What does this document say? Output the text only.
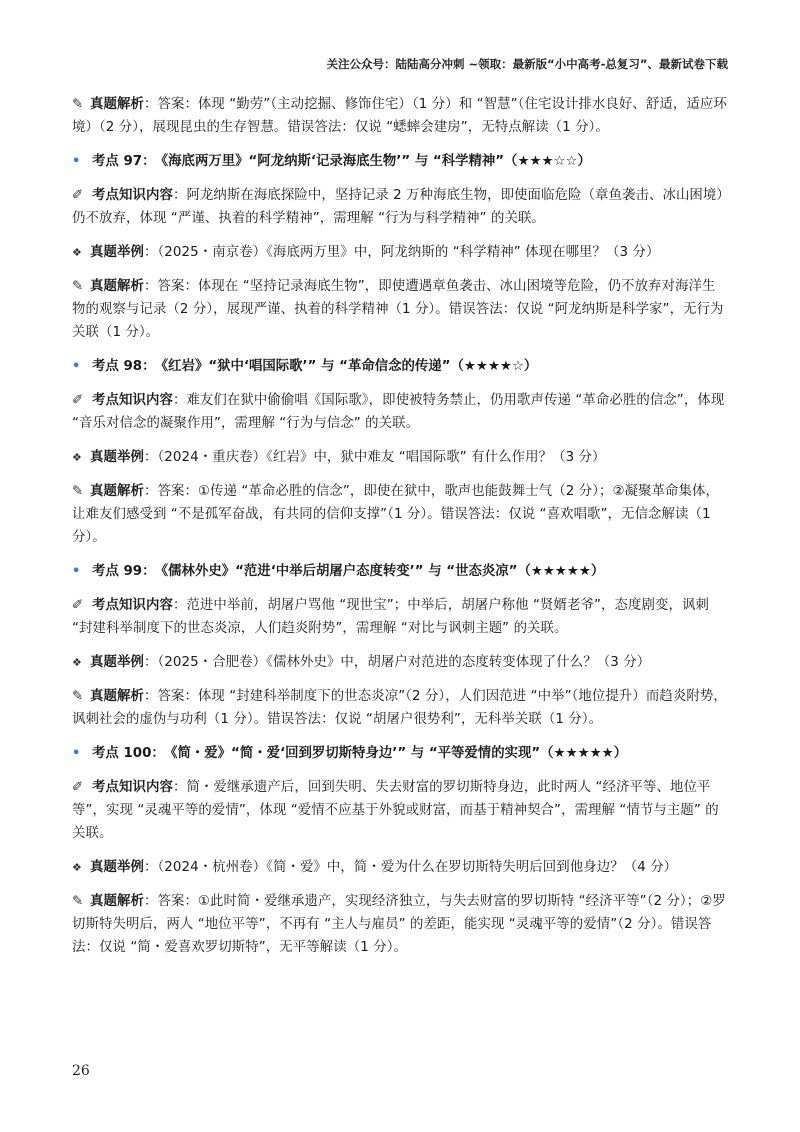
关注公众号：陆陆高分冲刺 ~领取：最新版“小中高考-总复习”、最新试卷下载

✎ 真题解析：答案：体现 “勤劳”（主动挖掘、修饰住宅）（1 分）和 “智慧”（住宅设计排水良好、舒适，适应环境）（2 分），展现昆虫的生存智慧。错误答法：仅说 “蟋蟀会建房”，无特点解读（1 分）。

• 考点 97： 《海底两万里》“阿龙纳斯‘记录海底生物’” 与 “科学精神”（★★★☆☆）

✐ 考点知识内容：阿龙纳斯在海底探险中，坚持记录 2 万种海底生物，即使面临危险（章鱼袭击、冰山困境）仍不放弃，体现 “严谨、执着的科学精神”，需理解 “行为与科学精神” 的关联。

❖ 真题举例：（2025・南京卷）《海底两万里》中，阿龙纳斯的 “科学精神” 体现在哪里？（3 分）

✎ 真题解析：答案：体现在 “坚持记录海底生物”，即使遭遇章鱼袭击、冰山困境等危险，仍不放弃对海洋生物的观察与记录（2 分），展现严谨、执着的科学精神（1 分）。错误答法：仅说 “阿龙纳斯是科学家”，无行为关联（1 分）。

• 考点 98： 《红岩》“狱中‘唱国际歌’” 与 “革命信念的传递”（★★★★☆）

✐ 考点知识内容：难友们在狱中偷偷唱《国际歌》，即使被特务禁止，仍用歌声传递 “革命必胜的信念”，体现 “音乐对信念的凝聚作用”，需理解 “行为与信念” 的关联。

❖ 真题举例：（2024・重庆卷）《红岩》中，狱中难友 “唱国际歌” 有什么作用？（3 分）

✎ 真题解析：答案：①传递 “革命必胜的信念”，即使在狱中，歌声也能鼓舞士气（2 分）；②凝聚革命集体，让难友们感受到 “不是孤军奋战，有共同的信仰支撑”（1 分）。错误答法：仅说 “喜欢唱歌”，无信念解读（1 分）。

• 考点 99： 《儒林外史》“范进‘中举后胡屠户态度转变’” 与 “世态炎凉”（★★★★★）

✐ 考点知识内容：范进中举前，胡屠户骂他 “现世宝”；中举后，胡屠户称他 “贤婿老爷”，态度剧变，讽刺 “封建科举制度下的世态炎凉，人们趋炎附势”，需理解 “对比与讽刺主题” 的关联。

❖ 真题举例：（2025・合肥卷）《儒林外史》中，胡屠户对范进的态度转变体现了什么？（3 分）

✎ 真题解析：答案：体现 “封建科举制度下的世态炎凉”（2 分），人们因范进 “中举”（地位提升）而趋炎附势，讽刺社会的虚伪与功利（1 分）。错误答法：仅说 “胡屠户很势利”，无科举关联（1 分）。

• 考点 100： 《简・爱》“简・爱‘回到罗切斯特身边’” 与 “平等爱情的实现”（★★★★★）

✐ 考点知识内容：简・爱继承遗产后，回到失明、失去财富的罗切斯特身边，此时两人 “经济平等、地位平等”，实现 “灵魂平等的爱情”，体现 “爱情不应基于外貌或财富，而基于精神契合”，需理解 “情节与主题” 的关联。

❖ 真题举例：（2024・杭州卷）《简・爱》中，简・爱为什么在罗切斯特失明后回到他身边？（4 分）

✎ 真题解析：答案：①此时简・爱继承遗产，实现经济独立，与失去财富的罗切斯特 “经济平等”（2 分）；②罗切斯特失明后，两人 “地位平等”，不再有 “主人与雇员” 的差距，能实现 “灵魂平等的爱情”（2 分）。错误答法：仅说 “简・爱喜欢罗切斯特”，无平等解读（1 分）。

26
